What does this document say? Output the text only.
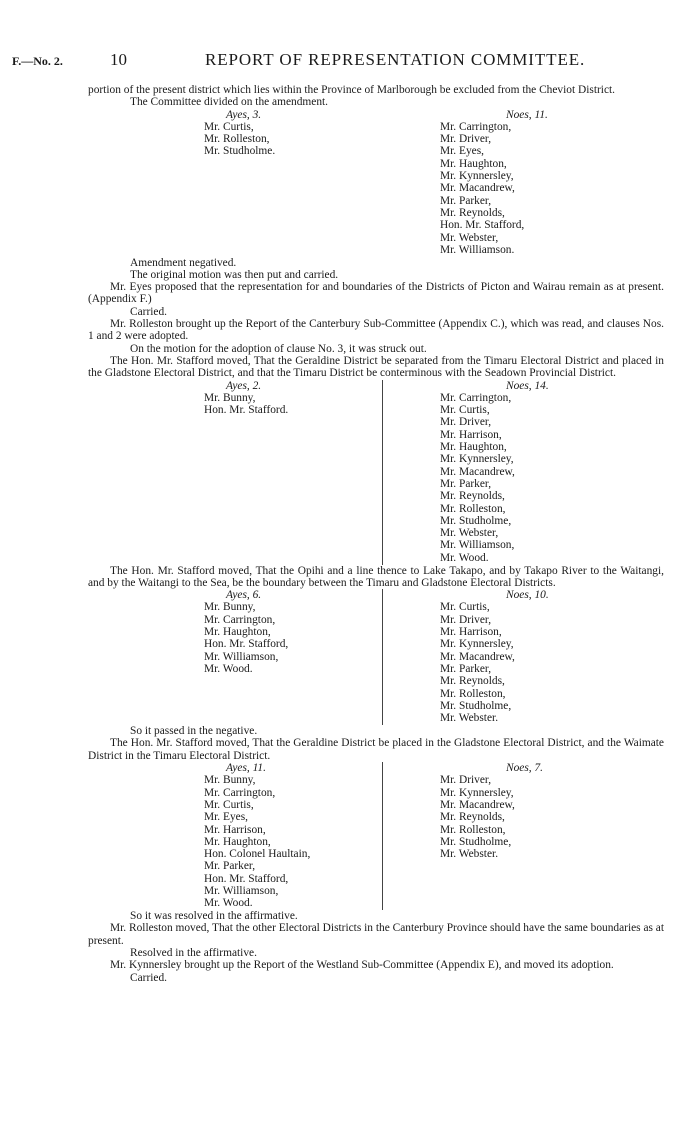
F.—No. 2.	10	REPORT OF REPRESENTATION COMMITTEE.

portion of the present district which lies within the Province of Marlborough be excluded from the Cheviot District.

The Committee divided on the amendment.

Ayes, 3.
Mr. Curtis,
Mr. Rolleston,
Mr. Studholme.
Noes, 11.
Mr. Carrington,
Mr. Driver,
Mr. Eyes,
Mr. Haughton,
Mr. Kynnersley,
Mr. Macandrew,
Mr. Parker,
Mr. Reynolds,
Hon. Mr. Stafford,
Mr. Webster,
Mr. Williamson.

Amendment negatived.

The original motion was then put and carried.

Mr. Eyes proposed that the representation for and boundaries of the Districts of Picton and Wairau remain as at present. (Appendix F.)

Carried.

Mr. Rolleston brought up the Report of the Canterbury Sub-Committee (Appendix C.), which was read, and clauses Nos. 1 and 2 were adopted.

On the motion for the adoption of clause No. 3, it was struck out.

The Hon. Mr. Stafford moved, That the Geraldine District be separated from the Timaru Electoral District and placed in the Gladstone Electoral District, and that the Timaru District be conterminous with the Seadown Provincial District.

Ayes, 2.
Mr. Bunny,
Hon. Mr. Stafford.
Noes, 14.
Mr. Carrington,
Mr. Curtis,
Mr. Driver,
Mr. Harrison,
Mr. Haughton,
Mr. Kynnersley,
Mr. Macandrew,
Mr. Parker,
Mr. Reynolds,
Mr. Rolleston,
Mr. Studholme,
Mr. Webster,
Mr. Williamson,
Mr. Wood.

The Hon. Mr. Stafford moved, That the Opihi and a line thence to Lake Takapo, and by Takapo River to the Waitangi, and by the Waitangi to the Sea, be the boundary between the Timaru and Gladstone Electoral Districts.

Ayes, 6.
Mr. Bunny,
Mr. Carrington,
Mr. Haughton,
Hon. Mr. Stafford,
Mr. Williamson,
Mr. Wood.
Noes, 10.
Mr. Curtis,
Mr. Driver,
Mr. Harrison,
Mr. Kynnersley,
Mr. Macandrew,
Mr. Parker,
Mr. Reynolds,
Mr. Rolleston,
Mr. Studholme,
Mr. Webster.

So it passed in the negative.

The Hon. Mr. Stafford moved, That the Geraldine District be placed in the Gladstone Electoral District, and the Waimate District in the Timaru Electoral District.

Ayes, 11.
Mr. Bunny,
Mr. Carrington,
Mr. Curtis,
Mr. Eyes,
Mr. Harrison,
Mr. Haughton,
Hon. Colonel Haultain,
Mr. Parker,
Hon. Mr. Stafford,
Mr. Williamson,
Mr. Wood.
Noes, 7.
Mr. Driver,
Mr. Kynnersley,
Mr. Macandrew,
Mr. Reynolds,
Mr. Rolleston,
Mr. Studholme,
Mr. Webster.

So it was resolved in the affirmative.

Mr. Rolleston moved, That the other Electoral Districts in the Canterbury Province should have the same boundaries as at present.

Resolved in the affirmative.

Mr. Kynnersley brought up the Report of the Westland Sub-Committee (Appendix E), and moved its adoption.

Carried.
